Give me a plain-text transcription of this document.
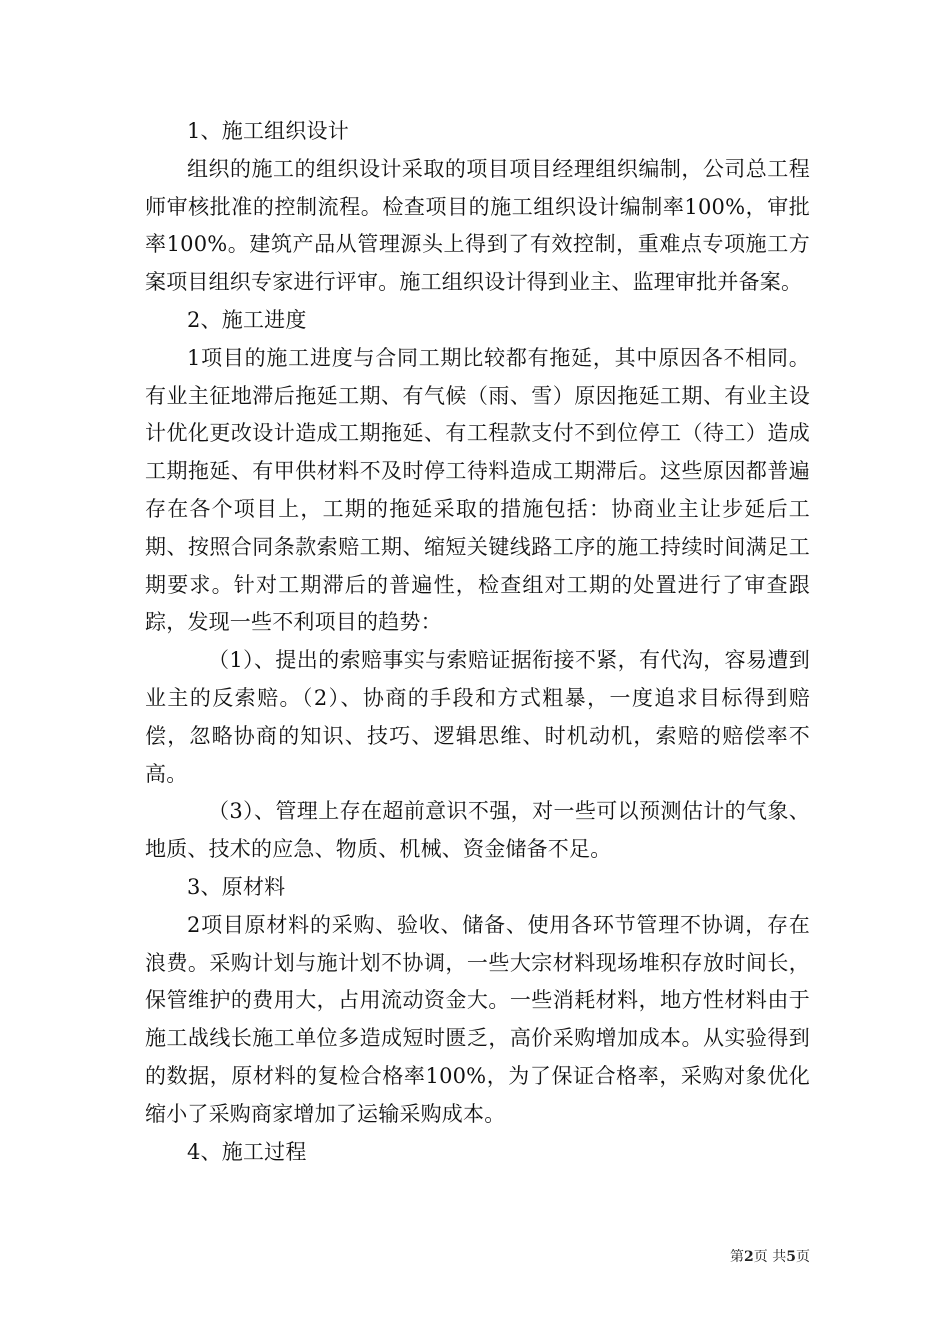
1、施工组织设计

组织的施工的组织设计采取的项目项目经理组织编制，公司总工程师审核批准的控制流程。检查项目的施工组织设计编制率100%，审批率100%。建筑产品从管理源头上得到了有效控制，重难点专项施工方案项目组织专家进行评审。施工组织设计得到业主、监理审批并备案。

2、施工进度

1项目的施工进度与合同工期比较都有拖延，其中原因各不相同。有业主征地滞后拖延工期、有气候（雨、雪）原因拖延工期、有业主设计优化更改设计造成工期拖延、有工程款支付不到位停工（待工）造成工期拖延、有甲供材料不及时停工待料造成工期滞后。这些原因都普遍存在各个项目上，工期的拖延采取的措施包括：协商业主让步延后工期、按照合同条款索赔工期、缩短关键线路工序的施工持续时间满足工期要求。针对工期滞后的普遍性，检查组对工期的处置进行了审查跟踪，发现一些不利项目的趋势：

（1）、提出的索赔事实与索赔证据衔接不紧，有代沟，容易遭到业主的反索赔。（2）、协商的手段和方式粗暴，一度追求目标得到赔偿，忽略协商的知识、技巧、逻辑思维、时机动机，索赔的赔偿率不高。

（3）、管理上存在超前意识不强，对一些可以预测估计的气象、地质、技术的应急、物质、机械、资金储备不足。

3、原材料

2项目原材料的采购、验收、储备、使用各环节管理不协调，存在浪费。采购计划与施计划不协调，一些大宗材料现场堆积存放时间长，保管维护的费用大，占用流动资金大。一些消耗材料，地方性材料由于施工战线长施工单位多造成短时匮乏，高价采购增加成本。从实验得到的数据，原材料的复检合格率100%，为了保证合格率，采购对象优化缩小了采购商家增加了运输采购成本。

4、施工过程

第2页 共5页
